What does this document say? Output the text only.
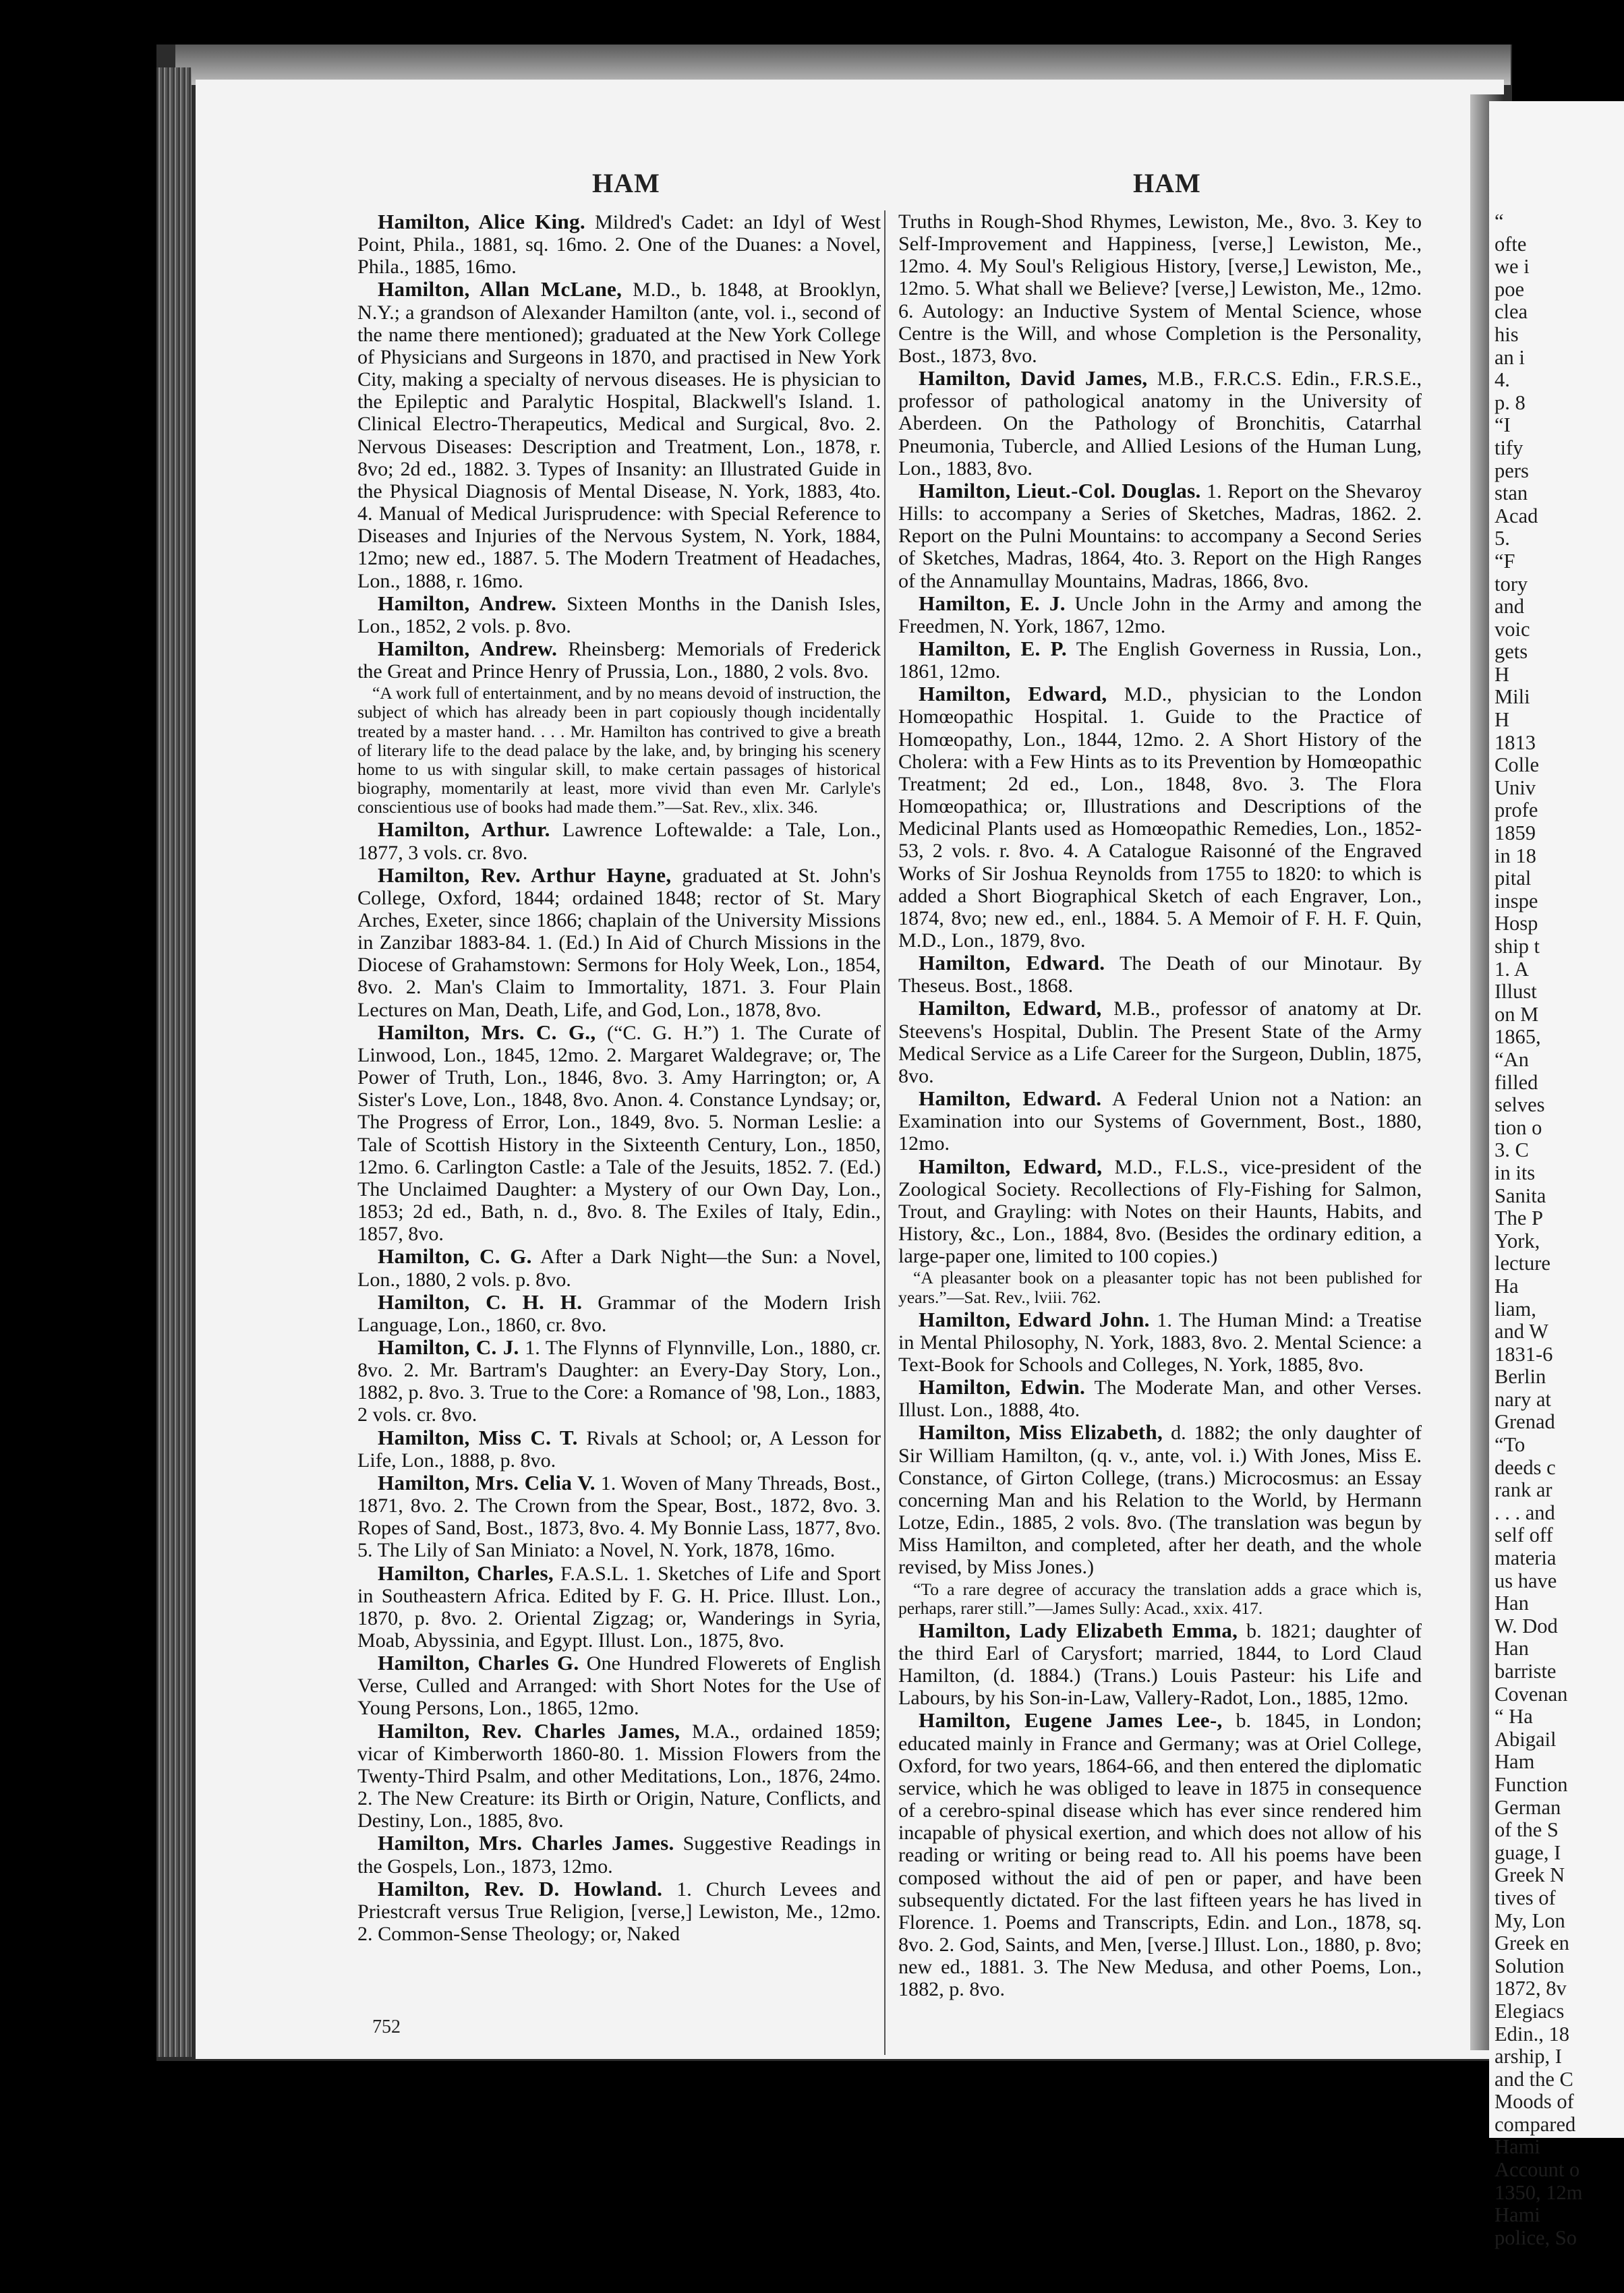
HAM	HAM

Hamilton, Alice King. Mildred's Cadet: an Idyl of West Point, Phila., 1881, sq. 16mo. 2. One of the Duanes: a Novel, Phila., 1885, 16mo.

Hamilton, Allan McLane, M.D., b. 1848, at Brooklyn, N.Y.; a grandson of Alexander Hamilton (ante, vol. i., second of the name there mentioned); graduated at the New York College of Physicians and Surgeons in 1870, and practised in New York City, making a specialty of nervous diseases. He is physician to the Epileptic and Paralytic Hospital, Blackwell's Island. 1. Clinical Electro-Therapeutics, Medical and Surgical, 8vo. 2. Nervous Diseases: Description and Treatment, Lon., 1878, r. 8vo; 2d ed., 1882. 3. Types of Insanity: an Illustrated Guide in the Physical Diagnosis of Mental Disease, N. York, 1883, 4to. 4. Manual of Medical Jurisprudence: with Special Reference to Diseases and Injuries of the Nervous System, N. York, 1884, 12mo; new ed., 1887. 5. The Modern Treatment of Headaches, Lon., 1888, r. 16mo.

Hamilton, Andrew. Sixteen Months in the Danish Isles, Lon., 1852, 2 vols. p. 8vo.

Hamilton, Andrew. Rheinsberg: Memorials of Frederick the Great and Prince Henry of Prussia, Lon., 1880, 2 vols. 8vo.

“A work full of entertainment, and by no means devoid of instruction, the subject of which has already been in part copiously though incidentally treated by a master hand. . . . Mr. Hamilton has contrived to give a breath of literary life to the dead palace by the lake, and, by bringing his scenery home to us with singular skill, to make certain passages of historical biography, momentarily at least, more vivid than even Mr. Carlyle's conscientious use of books had made them.”—Sat. Rev., xlix. 346.

Hamilton, Arthur. Lawrence Loftewalde: a Tale, Lon., 1877, 3 vols. cr. 8vo.

Hamilton, Rev. Arthur Hayne, graduated at St. John's College, Oxford, 1844; ordained 1848; rector of St. Mary Arches, Exeter, since 1866; chaplain of the University Missions in Zanzibar 1883-84. 1. (Ed.) In Aid of Church Missions in the Diocese of Grahamstown: Sermons for Holy Week, Lon., 1854, 8vo. 2. Man's Claim to Immortality, 1871. 3. Four Plain Lectures on Man, Death, Life, and God, Lon., 1878, 8vo.

Hamilton, Mrs. C. G., (“C. G. H.”) 1. The Curate of Linwood, Lon., 1845, 12mo. 2. Margaret Waldegrave; or, The Power of Truth, Lon., 1846, 8vo. 3. Amy Harrington; or, A Sister's Love, Lon., 1848, 8vo. Anon. 4. Constance Lyndsay; or, The Progress of Error, Lon., 1849, 8vo. 5. Norman Leslie: a Tale of Scottish History in the Sixteenth Century, Lon., 1850, 12mo. 6. Carlington Castle: a Tale of the Jesuits, 1852. 7. (Ed.) The Unclaimed Daughter: a Mystery of our Own Day, Lon., 1853; 2d ed., Bath, n. d., 8vo. 8. The Exiles of Italy, Edin., 1857, 8vo.

Hamilton, C. G. After a Dark Night—the Sun: a Novel, Lon., 1880, 2 vols. p. 8vo.

Hamilton, C. H. H. Grammar of the Modern Irish Language, Lon., 1860, cr. 8vo.

Hamilton, C. J. 1. The Flynns of Flynnville, Lon., 1880, cr. 8vo. 2. Mr. Bartram's Daughter: an Every-Day Story, Lon., 1882, p. 8vo. 3. True to the Core: a Romance of '98, Lon., 1883, 2 vols. cr. 8vo.

Hamilton, Miss C. T. Rivals at School; or, A Lesson for Life, Lon., 1888, p. 8vo.

Hamilton, Mrs. Celia V. 1. Woven of Many Threads, Bost., 1871, 8vo. 2. The Crown from the Spear, Bost., 1872, 8vo. 3. Ropes of Sand, Bost., 1873, 8vo. 4. My Bonnie Lass, 1877, 8vo. 5. The Lily of San Miniato: a Novel, N. York, 1878, 16mo.

Hamilton, Charles, F.A.S.L. 1. Sketches of Life and Sport in Southeastern Africa. Edited by F. G. H. Price. Illust. Lon., 1870, p. 8vo. 2. Oriental Zigzag; or, Wanderings in Syria, Moab, Abyssinia, and Egypt. Illust. Lon., 1875, 8vo.

Hamilton, Charles G. One Hundred Flowerets of English Verse, Culled and Arranged: with Short Notes for the Use of Young Persons, Lon., 1865, 12mo.

Hamilton, Rev. Charles James, M.A., ordained 1859; vicar of Kimberworth 1860-80. 1. Mission Flowers from the Twenty-Third Psalm, and other Meditations, Lon., 1876, 24mo. 2. The New Creature: its Birth or Origin, Nature, Conflicts, and Destiny, Lon., 1885, 8vo.

Hamilton, Mrs. Charles James. Suggestive Readings in the Gospels, Lon., 1873, 12mo.

Hamilton, Rev. D. Howland. 1. Church Levees and Priestcraft versus True Religion, [verse,] Lewiston, Me., 12mo. 2. Common-Sense Theology; or, Naked

Truths in Rough-Shod Rhymes, Lewiston, Me., 8vo. 3. Key to Self-Improvement and Happiness, [verse,] Lewiston, Me., 12mo. 4. My Soul's Religious History, [verse,] Lewiston, Me., 12mo. 5. What shall we Believe? [verse,] Lewiston, Me., 12mo. 6. Autology: an Inductive System of Mental Science, whose Centre is the Will, and whose Completion is the Personality, Bost., 1873, 8vo.

Hamilton, David James, M.B., F.R.C.S. Edin., F.R.S.E., professor of pathological anatomy in the University of Aberdeen. On the Pathology of Bronchitis, Catarrhal Pneumonia, Tubercle, and Allied Lesions of the Human Lung, Lon., 1883, 8vo.

Hamilton, Lieut.-Col. Douglas. 1. Report on the Shevaroy Hills: to accompany a Series of Sketches, Madras, 1862. 2. Report on the Pulni Mountains: to accompany a Second Series of Sketches, Madras, 1864, 4to. 3. Report on the High Ranges of the Annamullay Mountains, Madras, 1866, 8vo.

Hamilton, E. J. Uncle John in the Army and among the Freedmen, N. York, 1867, 12mo.

Hamilton, E. P. The English Governess in Russia, Lon., 1861, 12mo.

Hamilton, Edward, M.D., physician to the London Homœopathic Hospital. 1. Guide to the Practice of Homœopathy, Lon., 1844, 12mo. 2. A Short History of the Cholera: with a Few Hints as to its Prevention by Homœopathic Treatment; 2d ed., Lon., 1848, 8vo. 3. The Flora Homœopathica; or, Illustrations and Descriptions of the Medicinal Plants used as Homœopathic Remedies, Lon., 1852-53, 2 vols. r. 8vo. 4. A Catalogue Raisonné of the Engraved Works of Sir Joshua Reynolds from 1755 to 1820: to which is added a Short Biographical Sketch of each Engraver, Lon., 1874, 8vo; new ed., enl., 1884. 5. A Memoir of F. H. F. Quin, M.D., Lon., 1879, 8vo.

Hamilton, Edward. The Death of our Minotaur. By Theseus. Bost., 1868.

Hamilton, Edward, M.B., professor of anatomy at Dr. Steevens's Hospital, Dublin. The Present State of the Army Medical Service as a Life Career for the Surgeon, Dublin, 1875, 8vo.

Hamilton, Edward. A Federal Union not a Nation: an Examination into our Systems of Government, Bost., 1880, 12mo.

Hamilton, Edward, M.D., F.L.S., vice-president of the Zoological Society. Recollections of Fly-Fishing for Salmon, Trout, and Grayling: with Notes on their Haunts, Habits, and History, &c., Lon., 1884, 8vo. (Besides the ordinary edition, a large-paper one, limited to 100 copies.)

“A pleasanter book on a pleasanter topic has not been published for years.”—Sat. Rev., lviii. 762.

Hamilton, Edward John. 1. The Human Mind: a Treatise in Mental Philosophy, N. York, 1883, 8vo. 2. Mental Science: a Text-Book for Schools and Colleges, N. York, 1885, 8vo.

Hamilton, Edwin. The Moderate Man, and other Verses. Illust. Lon., 1888, 4to.

Hamilton, Miss Elizabeth, d. 1882; the only daughter of Sir William Hamilton, (q. v., ante, vol. i.) With Jones, Miss E. Constance, of Girton College, (trans.) Microcosmus: an Essay concerning Man and his Relation to the World, by Hermann Lotze, Edin., 1885, 2 vols. 8vo. (The translation was begun by Miss Hamilton, and completed, after her death, and the whole revised, by Miss Jones.)

“To a rare degree of accuracy the translation adds a grace which is, perhaps, rarer still.”—James Sully: Acad., xxix. 417.

Hamilton, Lady Elizabeth Emma, b. 1821; daughter of the third Earl of Carysfort; married, 1844, to Lord Claud Hamilton, (d. 1884.) (Trans.) Louis Pasteur: his Life and Labours, by his Son-in-Law, Vallery-Radot, Lon., 1885, 12mo.

Hamilton, Eugene James Lee-, b. 1845, in London; educated mainly in France and Germany; was at Oriel College, Oxford, for two years, 1864-66, and then entered the diplomatic service, which he was obliged to leave in 1875 in consequence of a cerebro-spinal disease which has ever since rendered him incapable of physical exertion, and which does not allow of his reading or writing or being read to. All his poems have been composed without the aid of pen or paper, and have been subsequently dictated. For the last fifteen years he has lived in Florence. 1. Poems and Transcripts, Edin. and Lon., 1878, sq. 8vo. 2. God, Saints, and Men, [verse.] Illust. Lon., 1880, p. 8vo; new ed., 1881. 3. The New Medusa, and other Poems, Lon., 1882, p. 8vo.

752
“
ofte
we i
poe
clea
his
an i
4.
p. 8
“I
tify
pers
stan
Acad
5.
“F
tory
and
voic
gets
H
Mili
H
1813
Colle
Univ
profe
1859
in 18
pital
inspe
Hosp
ship t
1. A
Illust
on M
1865,
“An
filled
selves
tion o
3. C
in its
Sanita
The P
York,
lecture
Ha
liam,
and W
1831-6
Berlin
nary at
Grenad
“To
deeds c
rank ar
. . . and
self off
materia
us have
Han
W. Dod
Han
barriste
Covenan
“ Ha
Abigail
Ham
Function
German
of the S
guage, I
Greek N
tives of
My, Lon
Greek en
Solution
1872, 8v
Elegiacs
Edin., 18
arship, I
and the C
Moods of
compared
Hami
Account o
1350, 12m
Hami
police, So
